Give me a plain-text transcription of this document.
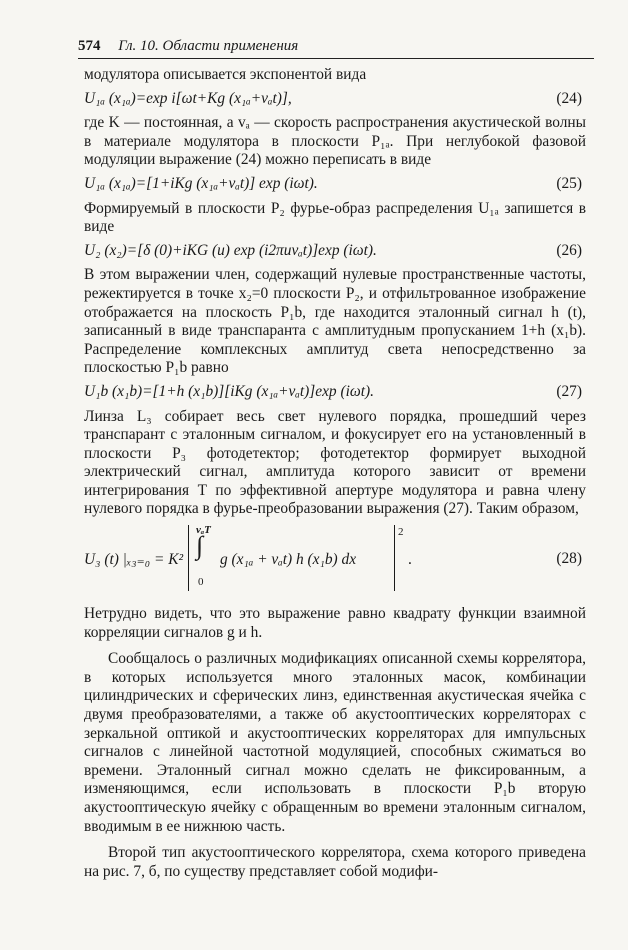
574 Гл. 10. Области применения

модулятора описывается экспонентой вида

U₁ₐ (x₁ₐ)=exp i[ωt+Kg (x₁ₐ+vₐt)],	(24)

где K — постоянная, а vₐ — скорость распространения акустической волны в материале модулятора в плоскости P₁ₐ. При неглубокой фазовой модуляции выражение (24) можно переписать в виде

U₁ₐ (x₁ₐ)=[1+iKg (x₁ₐ+vₐt)] exp (iωt).	(25)

Формируемый в плоскости P₂ фурье-образ распределения U₁ₐ запишется в виде

U₂ (x₂)=[δ (0)+iKG (u) exp (i2πuvₐt)]exp (iωt).	(26)

В этом выражении член, содержащий нулевые пространственные частоты, режектируется в точке x₂=0 плоскости P₂, и отфильтрованное изображение отображается на плоскость P₁b, где находится эталонный сигнал h (t), записанный в виде транспаранта с амплитудным пропусканием 1+h (x₁b). Распределение комплексных амплитуд света непосредственно за плоскостью P₁b равно

U₁b (x₁b)=[1+h (x₁b)][iKg (x₁ₐ+vₐt)]exp (iωt).	(27)

Линза L₃ собирает весь свет нулевого порядка, прошедший через транспарант с эталонным сигналом, и фокусирует его на установленный в плоскости P₃ фотодетектор; фотодетектор формирует выходной электрический сигнал, амплитуда которого зависит от времени интегрирования T по эффективной апертуре модулятора и равна члену нулевого порядка в фурье-преобразовании выражения (27). Таким образом,

U₃ (t) |ₓ₃₌₀ = K²
vₐT
∫
0
g (x₁ₐ + vₐt) h (x₁b) dx
2
.	(28)

Нетрудно видеть, что это выражение равно квадрату функции взаимной корреляции сигналов g и h.

Сообщалось о различных модификациях описанной схемы коррелятора, в которых используется много эталонных масок, комбинации цилиндрических и сферических линз, единственная акустическая ячейка с двумя преобразователями, а также об акустооптических корреляторах с зеркальной оптикой и акустооптических корреляторах для импульсных сигналов с линейной частотной модуляцией, способных сжиматься во времени. Эталонный сигнал можно сделать не фиксированным, а изменяющимся, если использовать в плоскости P₁b вторую акустооптическую ячейку с обращенным во времени эталонным сигналом, вводимым в ее нижнюю часть.

Второй тип акустооптического коррелятора, схема которого приведена на рис. 7, б, по существу представляет собой модифи-
